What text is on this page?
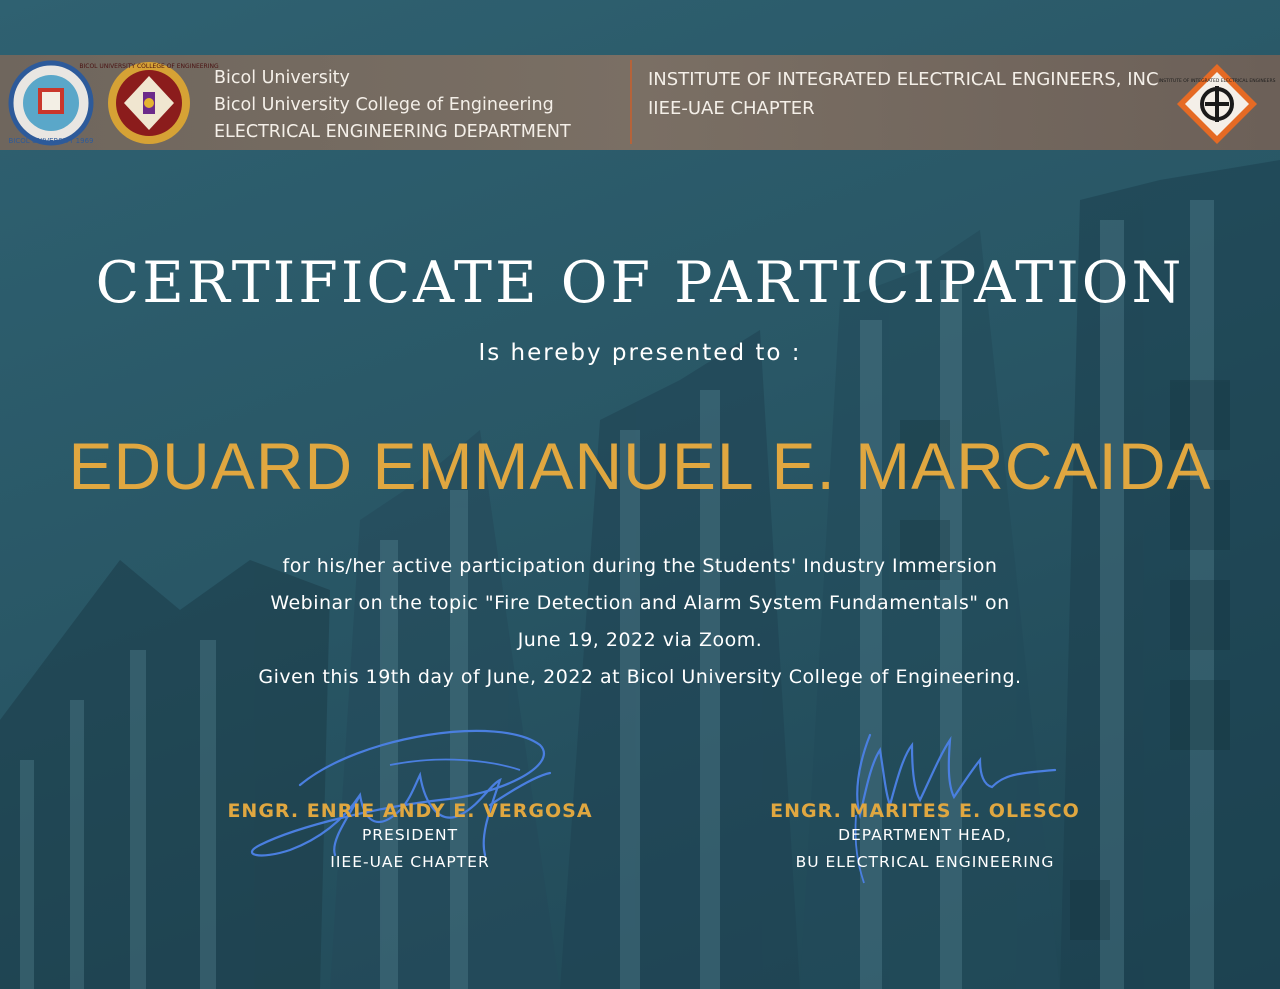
BICOL UNIVERSITY 1969
BICOL UNIVERSITY COLLEGE OF ENGINEERING
Bicol University
Bicol University College of Engineering
ELECTRICAL ENGINEERING DEPARTMENT
INSTITUTE OF INTEGRATED ELECTRICAL ENGINEERS, INC
IIEE-UAE CHAPTER
INSTITUTE OF INTEGRATED ELECTRICAL ENGINEERS
CERTIFICATE OF PARTICIPATION
Is hereby presented to :
EDUARD EMMANUEL E. MARCAIDA
for his/her active participation during the Students' Industry Immersion
Webinar on the topic "Fire Detection and Alarm System Fundamentals" on
June 19, 2022 via Zoom.
Given this 19th day of June, 2022 at Bicol University College of Engineering.
ENGR. ENRIE ANDY E. VERGOSA
PRESIDENT
IIEE-UAE CHAPTER
ENGR. MARITES E. OLESCO
DEPARTMENT HEAD,
BU ELECTRICAL ENGINEERING
